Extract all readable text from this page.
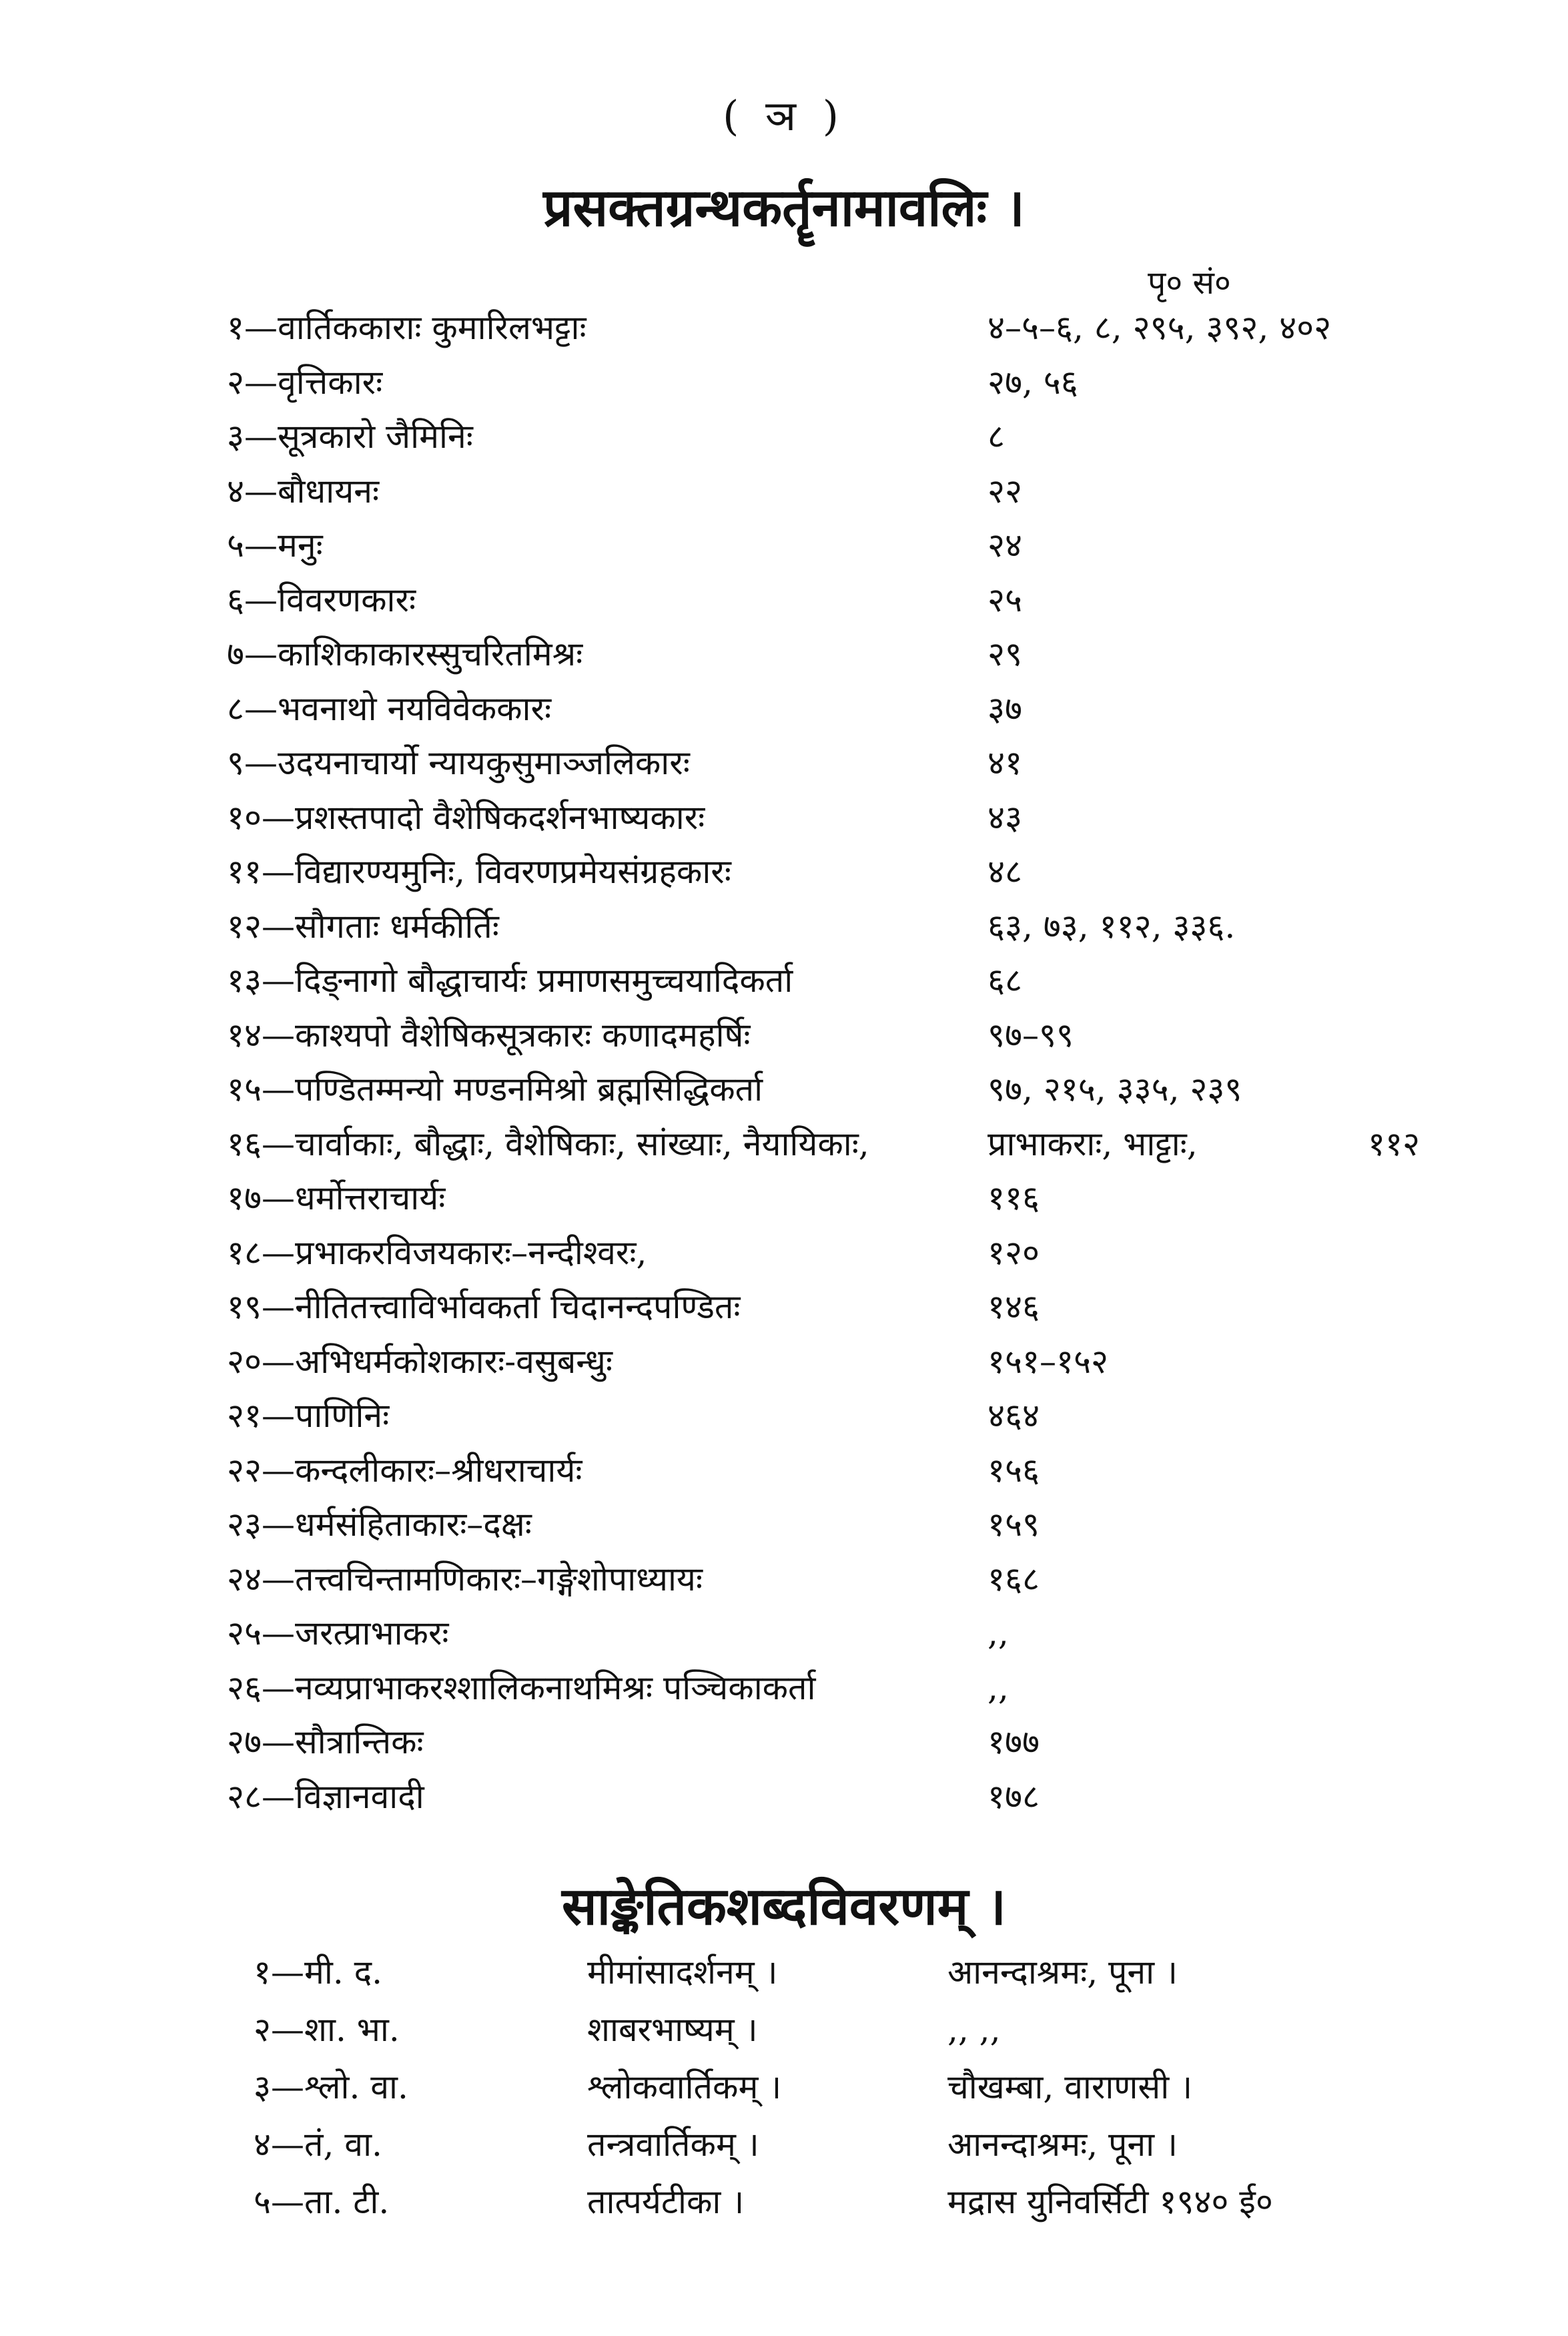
( ञ )
प्रसक्तग्रन्थकर्तॄनामावलिः ।
पृ० सं०
१—वार्तिककाराः कुमारिलभट्टाः	४–५–६, ८, २९५, ३९२, ४०२
२—वृत्तिकारः	२७, ५६
३—सूत्रकारो जैमिनिः	८
४—बौधायनः	२२
५—मनुः	२४
६—विवरणकारः	२५
७—काशिकाकारस्सुचरितमिश्रः	२९
८—भवनाथो नयविवेककारः	३७
९—उदयनाचार्यो न्यायकुसुमाञ्जलिकारः	४१
१०—प्रशस्तपादो वैशेषिकदर्शनभाष्यकारः	४३
११—विद्यारण्यमुनिः, विवरणप्रमेयसंग्रहकारः	४८
१२—सौगताः धर्मकीर्तिः	६३, ७३, ११२, ३३६.
१३—दिङ्नागो बौद्धाचार्यः प्रमाणसमुच्चयादिकर्ता	६८
१४—काश्यपो वैशेषिकसूत्रकारः कणादमहर्षिः	९७–९९
१५—पण्डितम्मन्यो मण्डनमिश्रो ब्रह्मसिद्धिकर्ता	९७, २१५, ३३५, २३९
१६—चार्वाकाः, बौद्धाः, वैशेषिकाः, सांख्याः, नैयायिकाः,	प्राभाकराः, भाट्टाः,	११२
१७—धर्मोत्तराचार्यः	११६
१८—प्रभाकरविजयकारः–नन्दीश्वरः,	१२०
१९—नीतितत्त्वाविर्भावकर्ता चिदानन्दपण्डितः	१४६
२०—अभिधर्मकोशकारः-वसुबन्धुः	१५१–१५२
२१—पाणिनिः	४६४
२२—कन्दलीकारः–श्रीधराचार्यः	१५६
२३—धर्मसंहिताकारः–दक्षः	१५९
२४—तत्त्वचिन्तामणिकारः–गङ्गेशोपाध्यायः	१६८
२५—जरत्प्राभाकरः	,,
२६—नव्यप्राभाकरश्शालिकनाथमिश्रः पञ्चिकाकर्ता	,,
२७—सौत्रान्तिकः	१७७
२८—विज्ञानवादी	१७८
साङ्केतिकशब्दविवरणम् ।
१—मी. द.	मीमांसादर्शनम् ।	आनन्दाश्रमः, पूना ।
२—शा. भा.	शाबरभाष्यम् ।	,, ,,
३—श्लो. वा.	श्लोकवार्तिकम् ।	चौखम्बा, वाराणसी ।
४—तं, वा.	तन्त्रवार्तिकम् ।	आनन्दाश्रमः, पूना ।
५—ता. टी.	तात्पर्यटीका ।	मद्रास युनिवर्सिटी १९४० ई०
